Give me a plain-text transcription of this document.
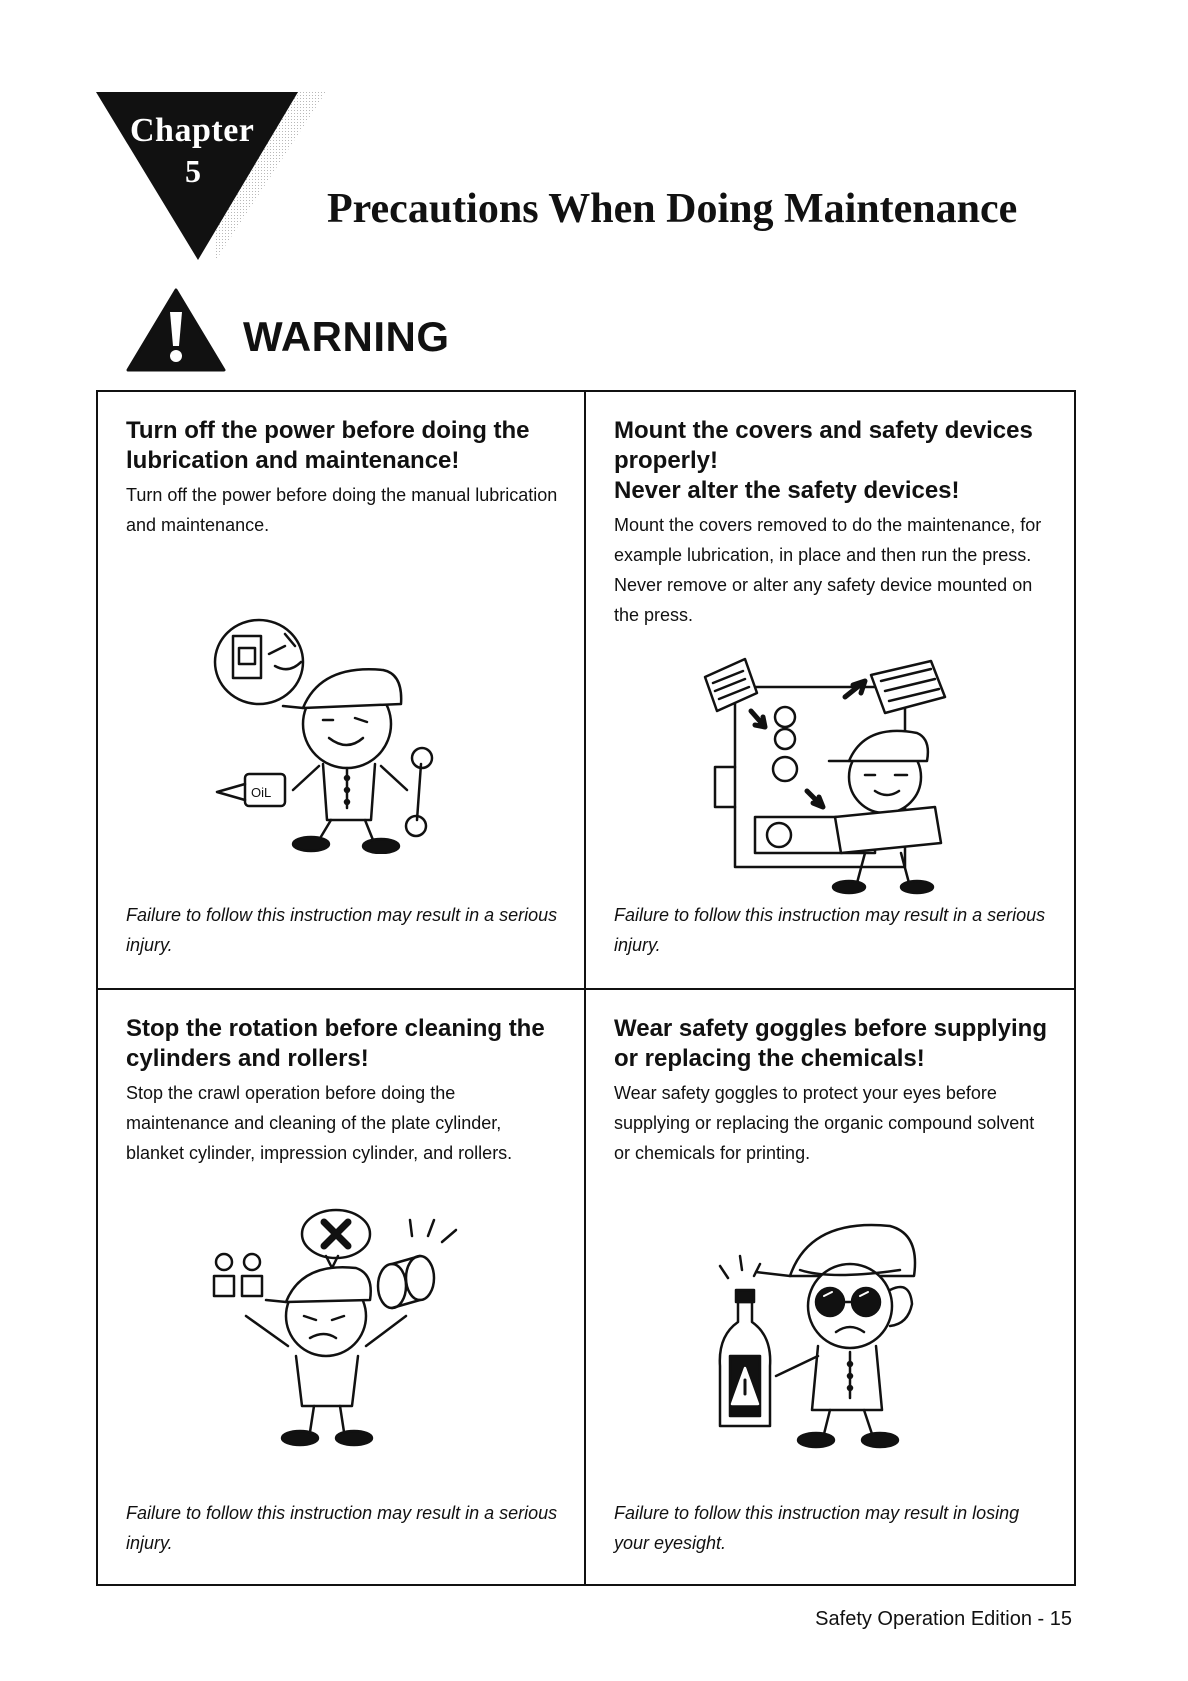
Chapter
5
Precautions When Doing Maintenance
WARNING
Turn off the power before doing the lubrication and maintenance!

Turn off the power before doing the manual lubrication and maintenance.

OiL

Failure to follow this instruction may result in a serious injury.

Mount the covers and safety devices properly!
Never alter the safety devices!

Mount the covers removed to do the maintenance, for example lubrication, in place and then run the press. Never remove or alter any safety device mounted on the press.

Failure to follow this instruction may result in a serious injury.

Stop the rotation before cleaning the cylinders and rollers!

Stop the crawl operation before doing the maintenance and cleaning of the plate cylinder, blanket cylinder, impression cylinder, and rollers.

Failure to follow this instruction may result in a serious injury.

Wear safety goggles before supplying or replacing the chemicals!

Wear safety goggles to protect your eyes before supplying or replacing the organic compound solvent or chemicals for printing.

Failure to follow this instruction may result in losing your eyesight.

Safety Operation Edition - 15
